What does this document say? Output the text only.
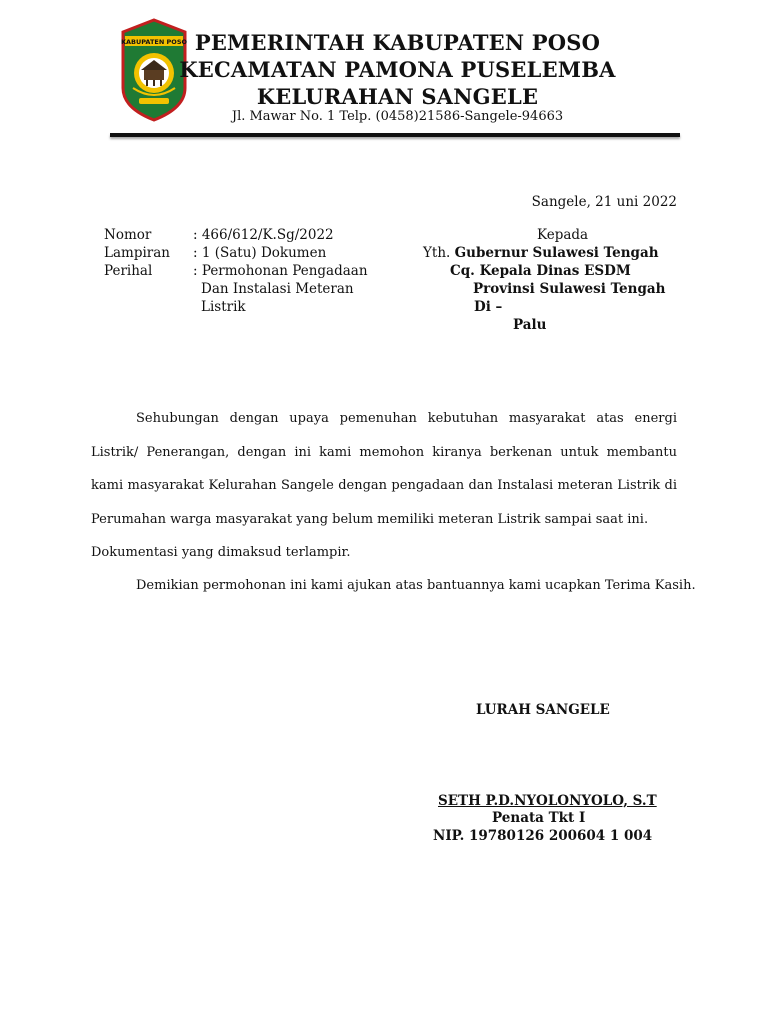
KABUPATEN POSO PEMERINTAH KABUPATEN POSO
KECAMATAN PAMONA PUSELEMBA
KELURAHAN SANGELE
Jl. Mawar No. 1 Telp. (0458)21586-Sangele-94663
Sangele, 21 uni 2022
Nomor	: 466/612/K.Sg/2022
Lampiran : 1 (Satu) Dokumen
Perihal	: Permohonan Pengadaan
Dan Instalasi Meteran
Listrik
Kepada
Yth. Gubernur Sulawesi Tengah
Cq. Kepala Dinas ESDM
Provinsi Sulawesi Tengah
Di –
Palu
Sehubungan dengan upaya pemenuhan kebutuhan masyarakat atas energi Listrik/ Penerangan, dengan ini kami memohon kiranya berkenan untuk membantu kami masyarakat Kelurahan Sangele dengan pengadaan dan Instalasi meteran Listrik di Perumahan warga masyarakat yang belum memiliki meteran Listrik sampai saat ini.
Dokumentasi yang dimaksud terlampir.
Demikian permohonan ini kami ajukan atas bantuannya kami ucapkan Terima Kasih.
LURAH SANGELE
SETH P.D.NYOLONYOLO, S.T
Penata Tkt I
NIP. 19780126 200604 1 004
